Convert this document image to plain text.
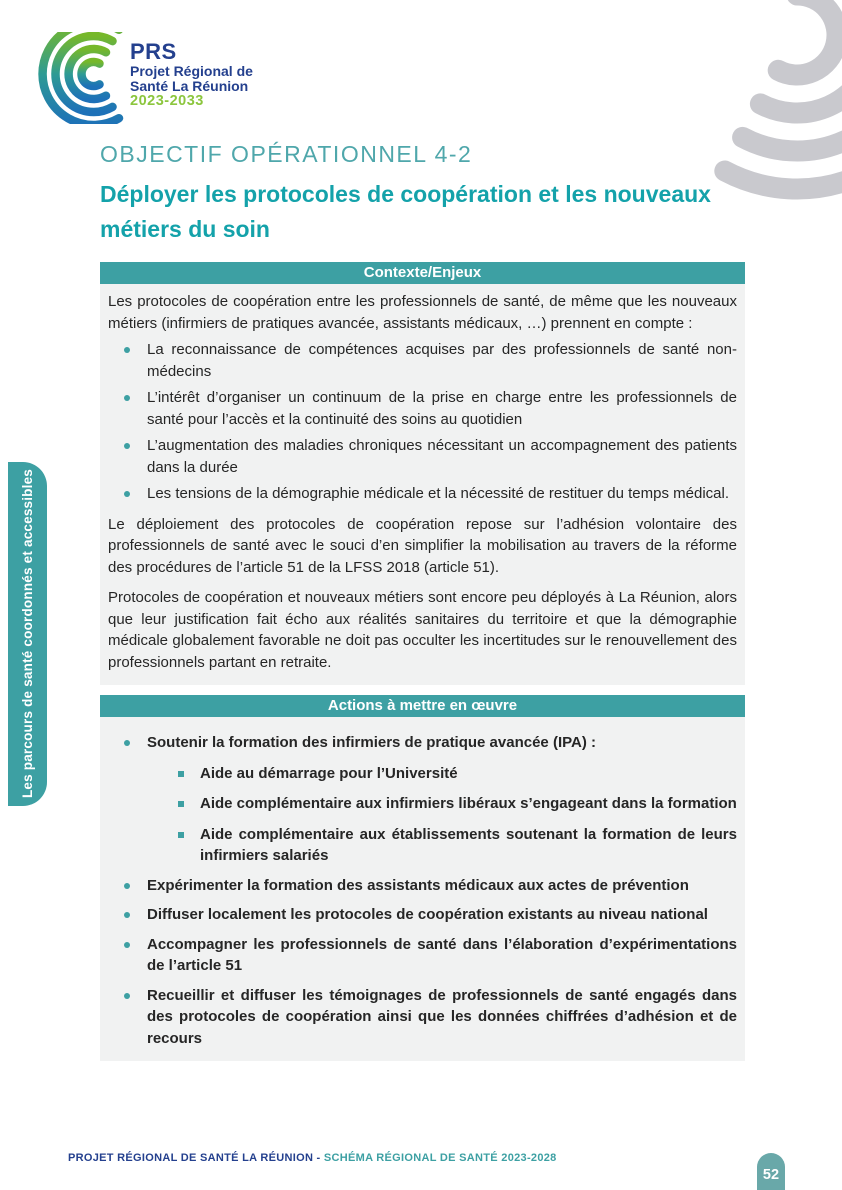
PRS
Projet Régional de
Santé La Réunion
2023-2033
Les parcours de santé coordonnés et accessibles
OBJECTIF OPÉRATIONNEL 4-2
Déployer les protocoles de coopération et les nouveaux métiers du soin
Contexte/Enjeux

Les protocoles de coopération entre les professionnels de santé, de même que les nouveaux métiers (infirmiers de pratiques avancée, assistants médicaux, …) prennent en compte :

La reconnaissance de compétences acquises par des professionnels de santé non-médecins
L’intérêt d’organiser un continuum de la prise en charge entre les professionnels de santé pour l’accès et la continuité des soins au quotidien
L’augmentation des maladies chroniques nécessitant un accompagnement des patients dans la durée
Les tensions de la démographie médicale et la nécessité de restituer du temps médical.

Le déploiement des protocoles de coopération repose sur l’adhésion volontaire des professionnels de santé avec le souci d’en simplifier la mobilisation au travers de la réforme des procédures de l’article 51 de la LFSS 2018 (article 51).

Protocoles de coopération et nouveaux métiers sont encore peu déployés à La Réunion, alors que leur justification fait écho aux réalités sanitaires du territoire et que la démographie médicale globalement favorable ne doit pas occulter les incertitudes sur le renouvellement des professionnels partant en retraite.

Actions à mettre en œuvre
Soutenir la formation des infirmiers de pratique avancée (IPA) :
Aide au démarrage pour l’Université
Aide complémentaire aux infirmiers libéraux s’engageant dans la formation
Aide complémentaire aux établissements soutenant la formation de leurs infirmiers salariés
Expérimenter la formation des assistants médicaux aux actes de prévention
Diffuser localement les protocoles de coopération existants au niveau national
Accompagner les professionnels de santé dans l’élaboration d’expérimentations de l’article 51
Recueillir et diffuser les témoignages de professionnels de santé engagés dans des protocoles de coopération ainsi que les données chiffrées d’adhésion et de recours
PROJET RÉGIONAL DE SANTÉ LA RÉUNION - SCHÉMA RÉGIONAL DE SANTÉ 2023-2028
52
